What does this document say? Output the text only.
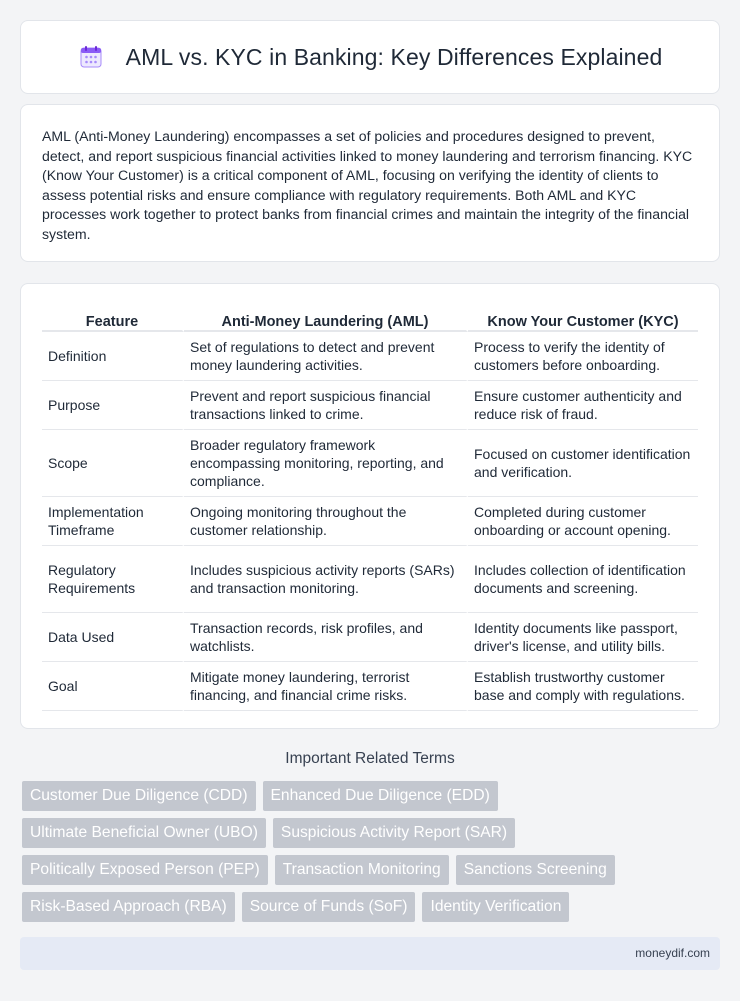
AML vs. KYC in Banking: Key Differences Explained

AML (Anti-Money Laundering) encompasses a set of policies and procedures designed to prevent, detect, and report suspicious financial activities linked to money laundering and terrorism financing. KYC (Know Your Customer) is a critical component of AML, focusing on verifying the identity of clients to assess potential risks and ensure compliance with regulatory requirements. Both AML and KYC processes work together to protect banks from financial crimes and maintain the integrity of the financial system.

Feature	Anti-Money Laundering (AML)	Know Your Customer (KYC)
Definition	Set of regulations to detect and prevent money laundering activities.	Process to verify the identity of customers before onboarding.
Purpose	Prevent and report suspicious financial transactions linked to crime.	Ensure customer authenticity and reduce risk of fraud.
Scope	Broader regulatory framework encompassing monitoring, reporting, and compliance.	Focused on customer identification and verification.
Implementation Timeframe	Ongoing monitoring throughout the customer relationship.	Completed during customer onboarding or account opening.
Regulatory Requirements	Includes suspicious activity reports (SARs) and transaction monitoring.	Includes collection of identification documents and screening.
Data Used	Transaction records, risk profiles, and watchlists.	Identity documents like passport, driver's license, and utility bills.
Goal	Mitigate money laundering, terrorist financing, and financial crime risks.	Establish trustworthy customer base and comply with regulations.
Important Related Terms
Customer Due Diligence (CDD)	Enhanced Due Diligence (EDD)
Ultimate Beneficial Owner (UBO)	Suspicious Activity Report (SAR)
Politically Exposed Person (PEP)	Transaction Monitoring	Sanctions Screening
Risk-Based Approach (RBA)	Source of Funds (SoF)	Identity Verification
moneydif.com
